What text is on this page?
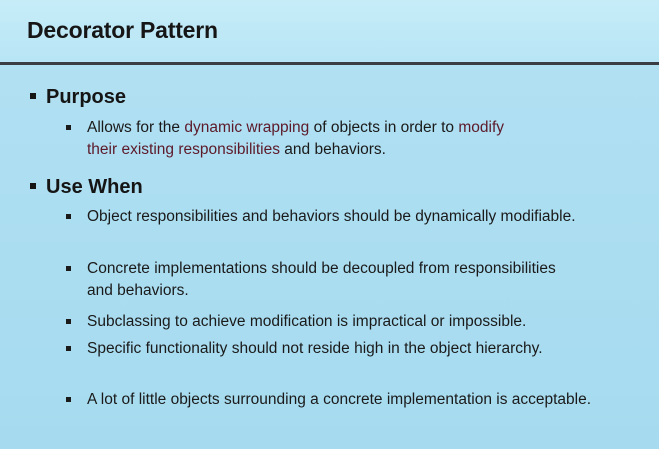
Decorator Pattern
Purpose
Allows for the dynamic wrapping of objects in order to modify
their existing responsibilities and behaviors.
Use When
Object responsibilities and behaviors should be dynamically modifiable.
Concrete implementations should be decoupled from responsibilities and behaviors.
Subclassing to achieve modification is impractical or impossible.
Specific functionality should not reside high in the object hierarchy.
A lot of little objects surrounding a concrete implementation is acceptable.
